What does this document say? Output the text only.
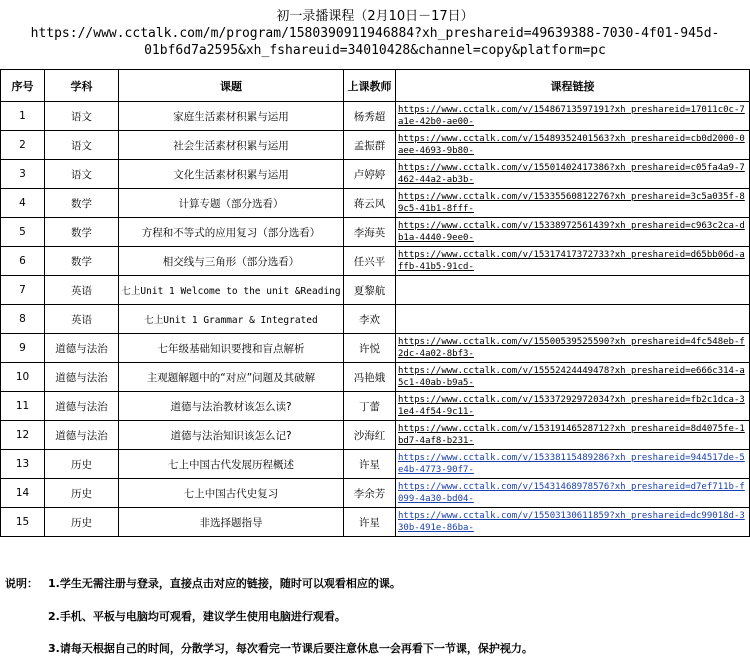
初一录播课程（2月10日－17日）
https://www.cctalk.com/m/program/1580390911946884?xh_preshareid=49639388-7030-4f01-945d-
01bf6d7a2595&xh_fshareuid=34010428&channel=copy&platform=pc
序号	学科	课题	上课教师	课程链接
1	语文	家庭生活素材积累与运用	杨秀超	https://www.cctalk.com/v/15486713597191?xh_preshareid=17011c0c-7a1e-42b0-ae00-
2	语文	社会生活素材积累与运用	孟振群	https://www.cctalk.com/v/15489352401563?xh_preshareid=cb0d2000-0aee-4693-9b80-
3	语文	文化生活素材积累与运用	卢婷婷	https://www.cctalk.com/v/15501402417386?xh_preshareid=c05fa4a9-7462-44a2-ab3b-
4	数学	计算专题（部分选看）	蒋云风	https://www.cctalk.com/v/15335560812276?xh_preshareid=3c5a035f-89c5-41b1-8fff-
5	数学	方程和不等式的应用复习（部分选看）	李海英	https://www.cctalk.com/v/15338972561439?xh_preshareid=c963c2ca-db1a-4440-9ee0-
6	数学	相交线与三角形（部分选看）	任兴平	https://www.cctalk.com/v/15317417372733?xh_preshareid=d65bb06d-affb-41b5-91cd-
7	英语	七上Unit 1 Welcome to the unit &Reading	夏黎航	
8	英语	七上Unit 1 Grammar & Integrated	李欢	
9	道德与法治	七年级基础知识要搜和盲点解析	许悦	https://www.cctalk.com/v/15500539525590?xh_preshareid=4fc548eb-f2dc-4a02-8bf3-
10	道德与法治	主观题解题中的“对应”问题及其破解	冯艳娥	https://www.cctalk.com/v/15552424449478?xh_preshareid=e666c314-a5c1-40ab-b9a5-
11	道德与法治	道德与法治教材该怎么读?	丁蕾	https://www.cctalk.com/v/15337292972034?xh_preshareid=fb2c1dca-31e4-4f54-9c11-
12	道德与法治	道德与法治知识该怎么记?	沙海红	https://www.cctalk.com/v/15319146528712?xh_preshareid=8d4075fe-1bd7-4af8-b231-
13	历史	七上中国古代发展历程概述	许星	https://www.cctalk.com/v/15338115489286?xh_preshareid=944517de-5e4b-4773-90f7-
14	历史	七上中国古代史复习	李余芳	https://www.cctalk.com/v/15431468978576?xh_preshareid=d7ef711b-f099-4a30-bd04-
15	历史	非选择题指导	许星	https://www.cctalk.com/v/15503130611859?xh_preshareid=dc99018d-330b-491e-86ba-
说明： 1.学生无需注册与登录，直接点击对应的链接，随时可以观看相应的课。
2.手机、平板与电脑均可观看，建议学生使用电脑进行观看。
3.请每天根据自己的时间，分散学习，每次看完一节课后要注意休息一会再看下一节课，保护视力。
